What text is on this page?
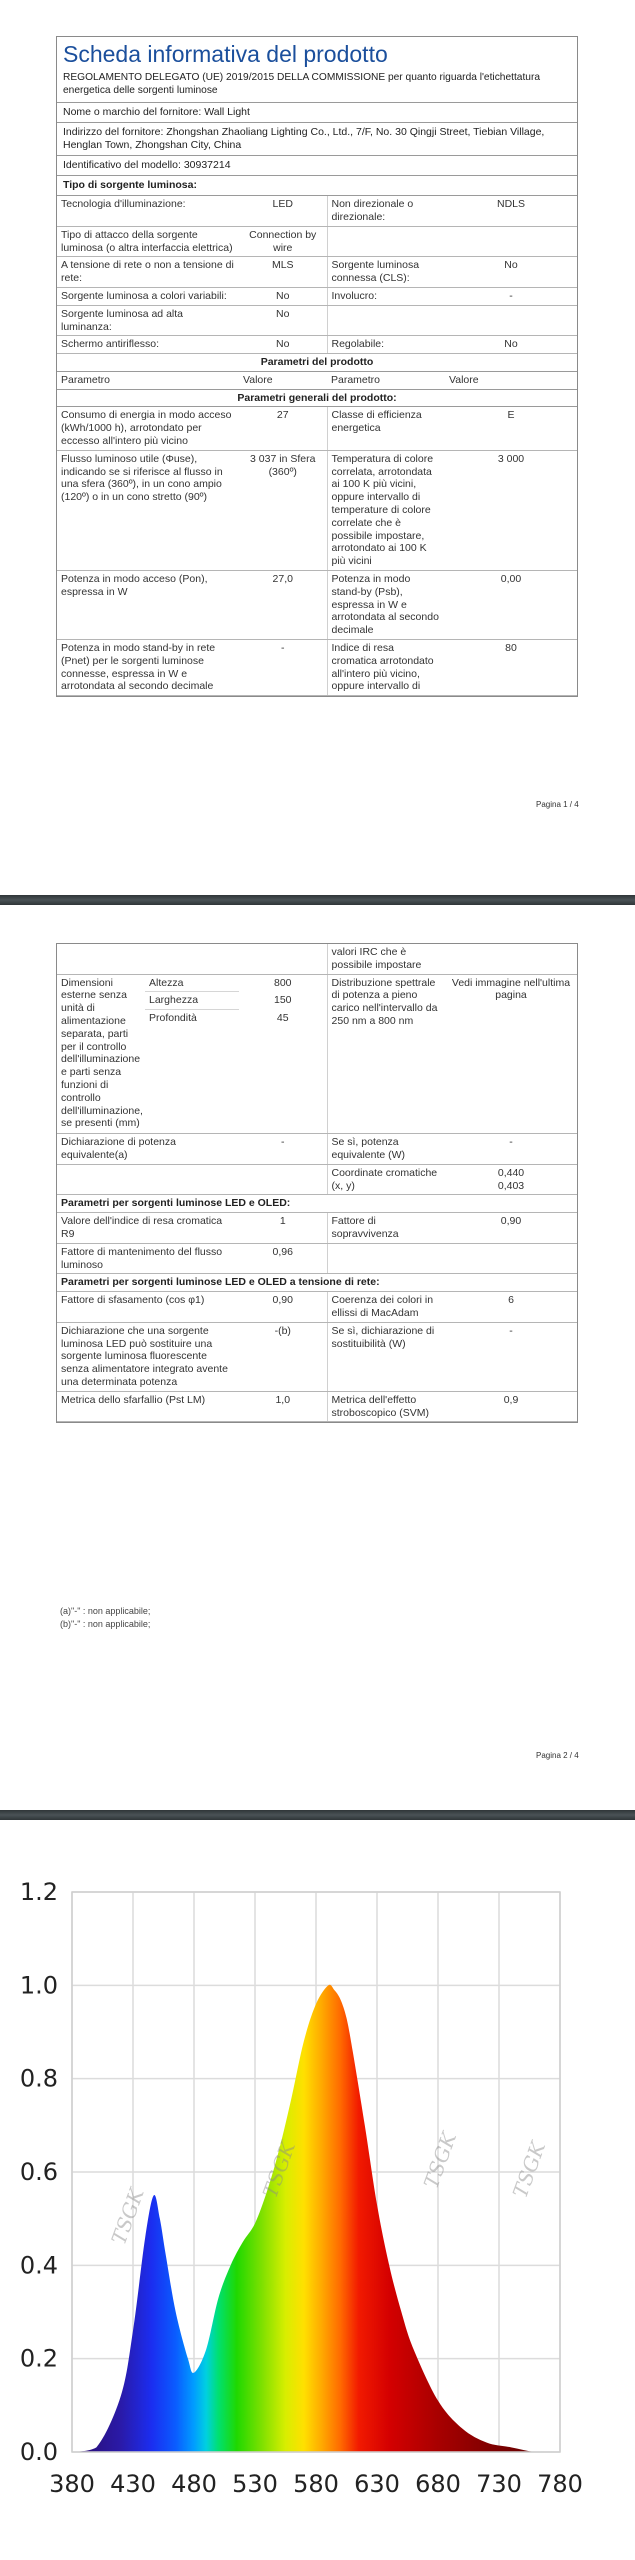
Scheda informativa del prodotto
REGOLAMENTO DELEGATO (UE) 2019/2015 DELLA COMMISSIONE per quanto riguarda l'etichettatura energetica delle sorgenti luminose
Nome o marchio del fornitore: Wall Light
Indirizzo del fornitore: Zhongshan Zhaoliang Lighting Co., Ltd., 7/F, No. 30 Qingji Street, Tiebian Village, Henglan Town, Zhongshan City, China
Identificativo del modello: 30937214
Tipo di sorgente luminosa:
Tecnologia d'illuminazione:	LED	Non direzionale o direzionale:	NDLS
Tipo di attacco della sorgente luminosa (o altra interfaccia elettrica)	Connection by wire		
A tensione di rete o non a tensione di rete:	MLS	Sorgente luminosa connessa (CLS):	No
Sorgente luminosa a colori variabili:	No	Involucro:	-
Sorgente luminosa ad alta luminanza:	No		
Schermo antiriflesso:	No	Regolabile:	No
Parametri del prodotto			
Parametro	Valore	Parametro	Valore
Parametri generali del prodotto:			
Consumo di energia in modo acceso (kWh/1000 h), arrotondato per eccesso all'intero più vicino	27	Classe di efficienza energetica	E
Flusso luminoso utile (Φuse), indicando se si riferisce al flusso in una sfera (360º), in un cono ampio (120º) o in un cono stretto (90º)	3 037 in Sfera (360º)	Temperatura di colore correlata, arrotondata ai 100 K più vicini, oppure intervallo di temperature di colore correlate che è possibile impostare, arrotondato ai 100 K più vicini	3 000
Potenza in modo acceso (Pon), espressa in W	27,0	Potenza in modo stand-by (Psb), espressa in W e arrotondata al secondo decimale	0,00
Potenza in modo stand-by in rete (Pnet) per le sorgenti luminose connesse, espressa in W e arrotondata al secondo decimale	-	Indice di resa cromatica arrotondato all'intero più vicino, oppure intervallo di	80
Pagina 1 / 4
			valori IRC che è possibile impostare	
Dimensioni esterne senza unità di alimentazione separata, parti per il controllo dell'illuminazione e parti senza funzioni di controllo dell'illuminazione, se presenti (mm)	Altezza	800	Distribuzione spettrale di potenza a pieno carico nell'intervallo da 250 nm a 800 nm	Vedi immagine nell'ultima pagina
	Larghezza	150		
	Profondità	45		
Dichiarazione di potenza equivalente(a)	-	Se sì, potenza equivalente (W)	-
		Coordinate cromatiche (x, y)	0,440
0,403
Parametri per sorgenti luminose LED e OLED:			
Valore dell'indice di resa cromatica R9	1	Fattore di sopravvivenza	0,90
Fattore di mantenimento del flusso luminoso	0,96		
Parametri per sorgenti luminose LED e OLED a tensione di rete:			
Fattore di sfasamento (cos φ1)	0,90	Coerenza dei colori in ellissi di MacAdam	6
Dichiarazione che una sorgente luminosa LED può sostituire una sorgente luminosa fluorescente senza alimentatore integrato avente una determinata potenza	-(b)	Se sì, dichiarazione di sostituibilità (W)	-
Metrica dello sfarfallio (Pst LM)	1,0	Metrica dell'effetto stroboscopico (SVM)	0,9
(a)"-" : non applicabile;
(b)"-" : non applicabile;
Pagina 2 / 4
380 430 480 530 580 630 680 730 780
0.0
0.2
0.4
0.6
0.8
1.0
1.2
TSGK
TSGK	TSGK TSGK
